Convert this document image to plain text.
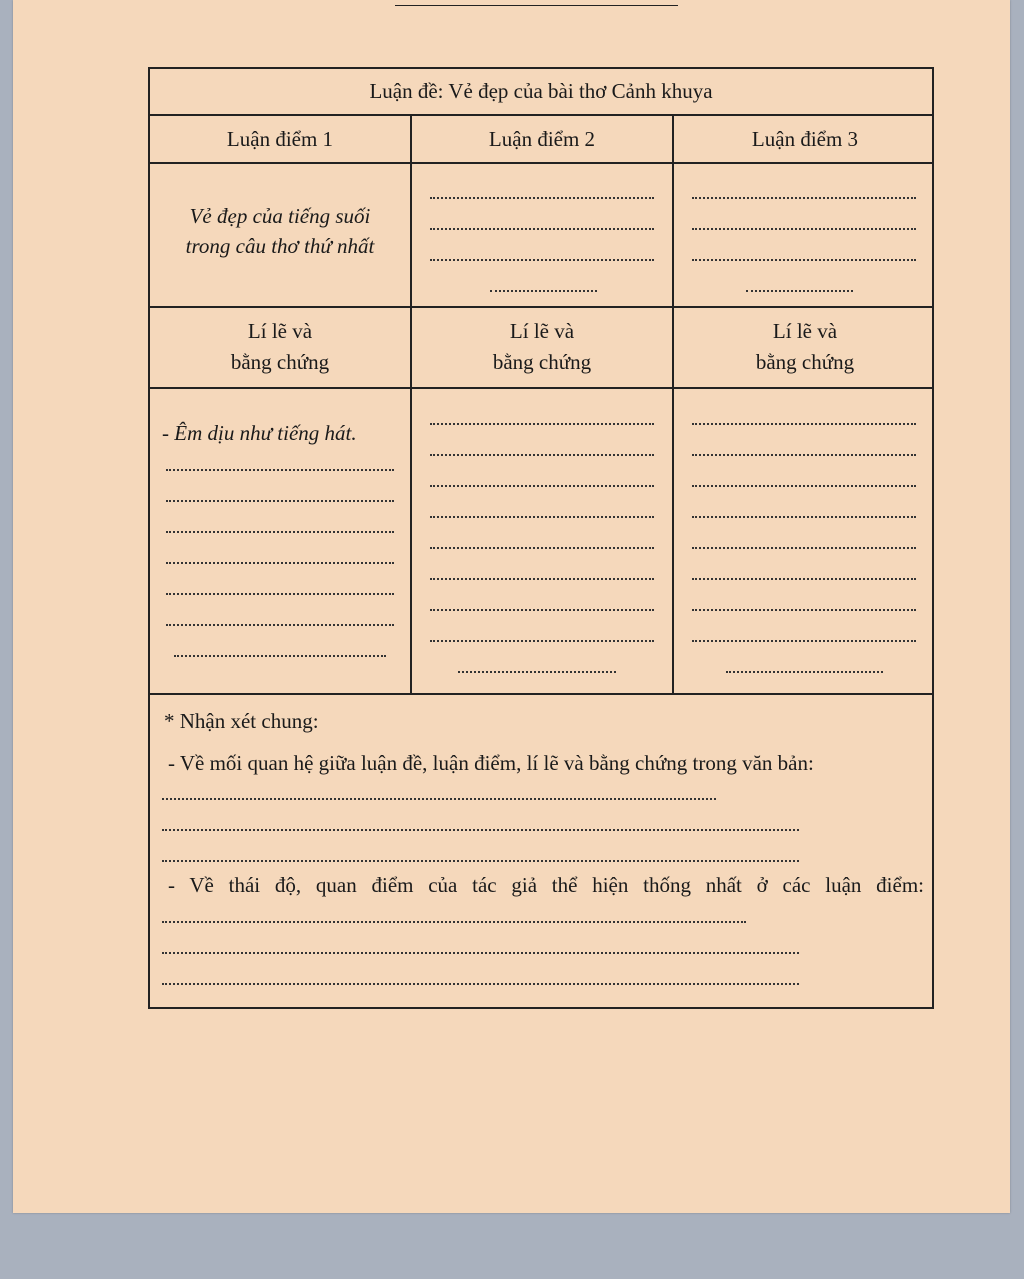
Luận đề: Vẻ đẹp của bài thơ Cảnh khuya
Luận điểm 1	Luận điểm 2	Luận điểm 3
Vẻ đẹp của tiếng suối
trong câu thơ thứ nhất
Lí lẽ và
bằng chứng
Lí lẽ và
bằng chứng
Lí lẽ và
bằng chứng
- Êm dịu như tiếng hát.
* Nhận xét chung:
- Về mối quan hệ giữa luận đề, luận điểm, lí lẽ và bằng chứng trong văn bản:
- Về thái độ, quan điểm của tác giả thể hiện thống nhất ở các luận điểm:
